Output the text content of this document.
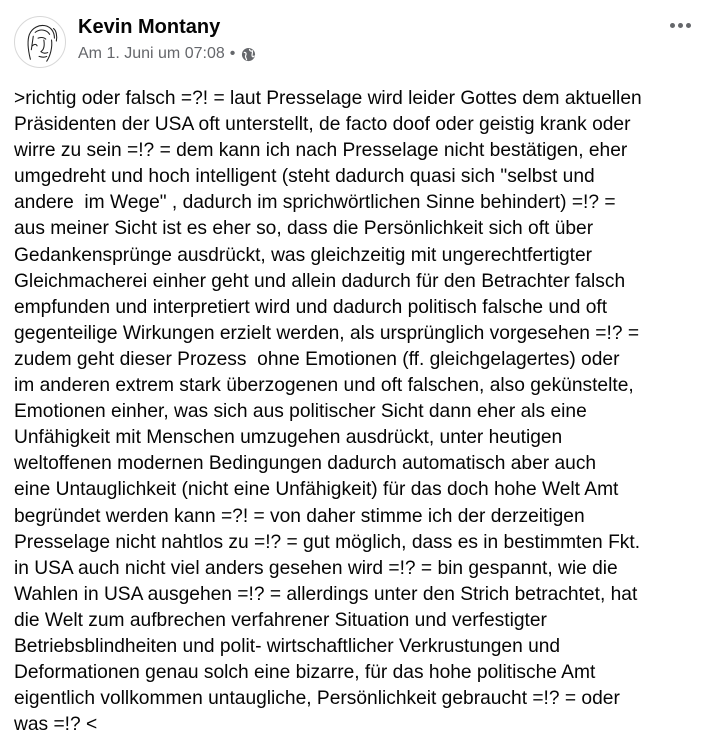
Kevin Montany
Am 1. Juni um 07:08 •
>richtig oder falsch =?! = laut Presselage wird leider Gottes dem aktuellen
Präsidenten der USA oft unterstellt, de facto doof oder geistig krank oder
wirre zu sein =!? = dem kann ich nach Presselage nicht bestätigen, eher
umgedreht und hoch intelligent (steht dadurch quasi sich "selbst und
andere  im Wege" , dadurch im sprichwörtlichen Sinne behindert) =!? =
aus meiner Sicht ist es eher so, dass die Persönlichkeit sich oft über
Gedankensprünge ausdrückt, was gleichzeitig mit ungerechtfertigter
Gleichmacherei einher geht und allein dadurch für den Betrachter falsch
empfunden und interpretiert wird und dadurch politisch falsche und oft
gegenteilige Wirkungen erzielt werden, als ursprünglich vorgesehen =!? =
zudem geht dieser Prozess  ohne Emotionen (ff. gleichgelagertes) oder
im anderen extrem stark überzogenen und oft falschen, also gekünstelte,
Emotionen einher, was sich aus politischer Sicht dann eher als eine
Unfähigkeit mit Menschen umzugehen ausdrückt, unter heutigen
weltoffenen modernen Bedingungen dadurch automatisch aber auch
eine Untauglichkeit (nicht eine Unfähigkeit) für das doch hohe Welt Amt
begründet werden kann =?! = von daher stimme ich der derzeitigen
Presselage nicht nahtlos zu =!? = gut möglich, dass es in bestimmten Fkt.
in USA auch nicht viel anders gesehen wird =!? = bin gespannt, wie die
Wahlen in USA ausgehen =!? = allerdings unter den Strich betrachtet, hat
die Welt zum aufbrechen verfahrener Situation und verfestigter
Betriebsblindheiten und polit- wirtschaftlicher Verkrustungen und
Deformationen genau solch eine bizarre, für das hohe politische Amt
eigentlich vollkommen untaugliche, Persönlichkeit gebraucht =!? = oder
was =!? <
